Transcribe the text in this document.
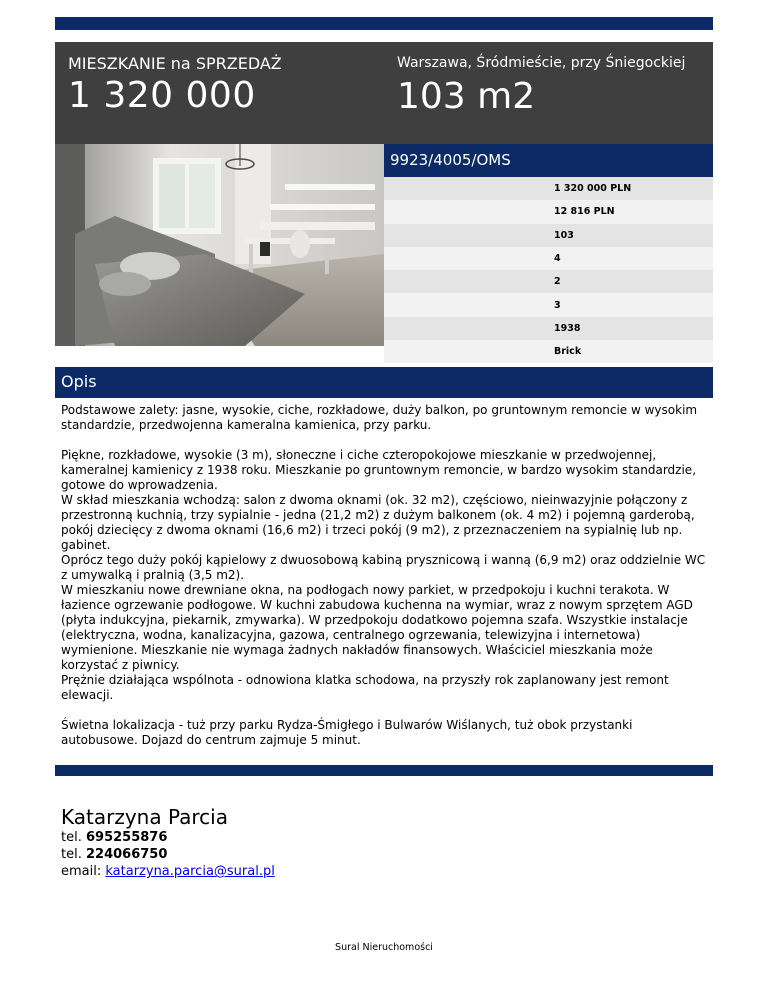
MIESZKANIE na SPRZEDAŻ
1 320 000
Warszawa, Śródmieście, przy Śniegockiej
103 m2
9923/4005/OMS
1 320 000 PLN
12 816 PLN
103
4
2
3
1938
Brick
Opis

Podstawowe zalety: jasne, wysokie, ciche, rozkładowe, duży balkon, po gruntownym remoncie w wysokim standardzie, przedwojenna kameralna kamienica, przy parku.

Piękne, rozkładowe, wysokie (3 m), słoneczne i ciche czteropokojowe mieszkanie w przedwojennej, kameralnej kamienicy z 1938 roku. Mieszkanie po gruntownym remoncie, w bardzo wysokim standardzie, gotowe do wprowadzenia.
W skład mieszkania wchodzą: salon z dwoma oknami (ok. 32 m2), częściowo, nieinwazyjnie połączony z przestronną kuchnią, trzy sypialnie - jedna (21,2 m2) z dużym balkonem (ok. 4 m2) i pojemną garderobą, pokój dziecięcy z dwoma oknami (16,6 m2) i trzeci pokój (9 m2), z przeznaczeniem na sypialnię lub np. gabinet.
Oprócz tego duży pokój kąpielowy z dwuosobową kabiną prysznicową i wanną (6,9 m2) oraz oddzielnie WC z umywalką i pralnią (3,5 m2).
W mieszkaniu nowe drewniane okna, na podłogach nowy parkiet, w przedpokoju i kuchni terakota. W łazience ogrzewanie podłogowe. W kuchni zabudowa kuchenna na wymiar, wraz z nowym sprzętem AGD (płyta indukcyjna, piekarnik, zmywarka). W przedpokoju dodatkowo pojemna szafa. Wszystkie instalacje (elektryczna, wodna, kanalizacyjna, gazowa, centralnego ogrzewania, telewizyjna i internetowa) wymienione. Mieszkanie nie wymaga żadnych nakładów finansowych. Właściciel mieszkania może korzystać z piwnicy.
Prężnie działająca wspólnota - odnowiona klatka schodowa, na przyszły rok zaplanowany jest remont elewacji.

Świetna lokalizacja - tuż przy parku Rydza-Śmigłego i Bulwarów Wiślanych, tuż obok przystanki autobusowe. Dojazd do centrum zajmuje 5 minut.

Katarzyna Parcia
tel. 695255876
tel. 224066750
email: katarzyna.parcia@sural.pl
Sural Nieruchomości
